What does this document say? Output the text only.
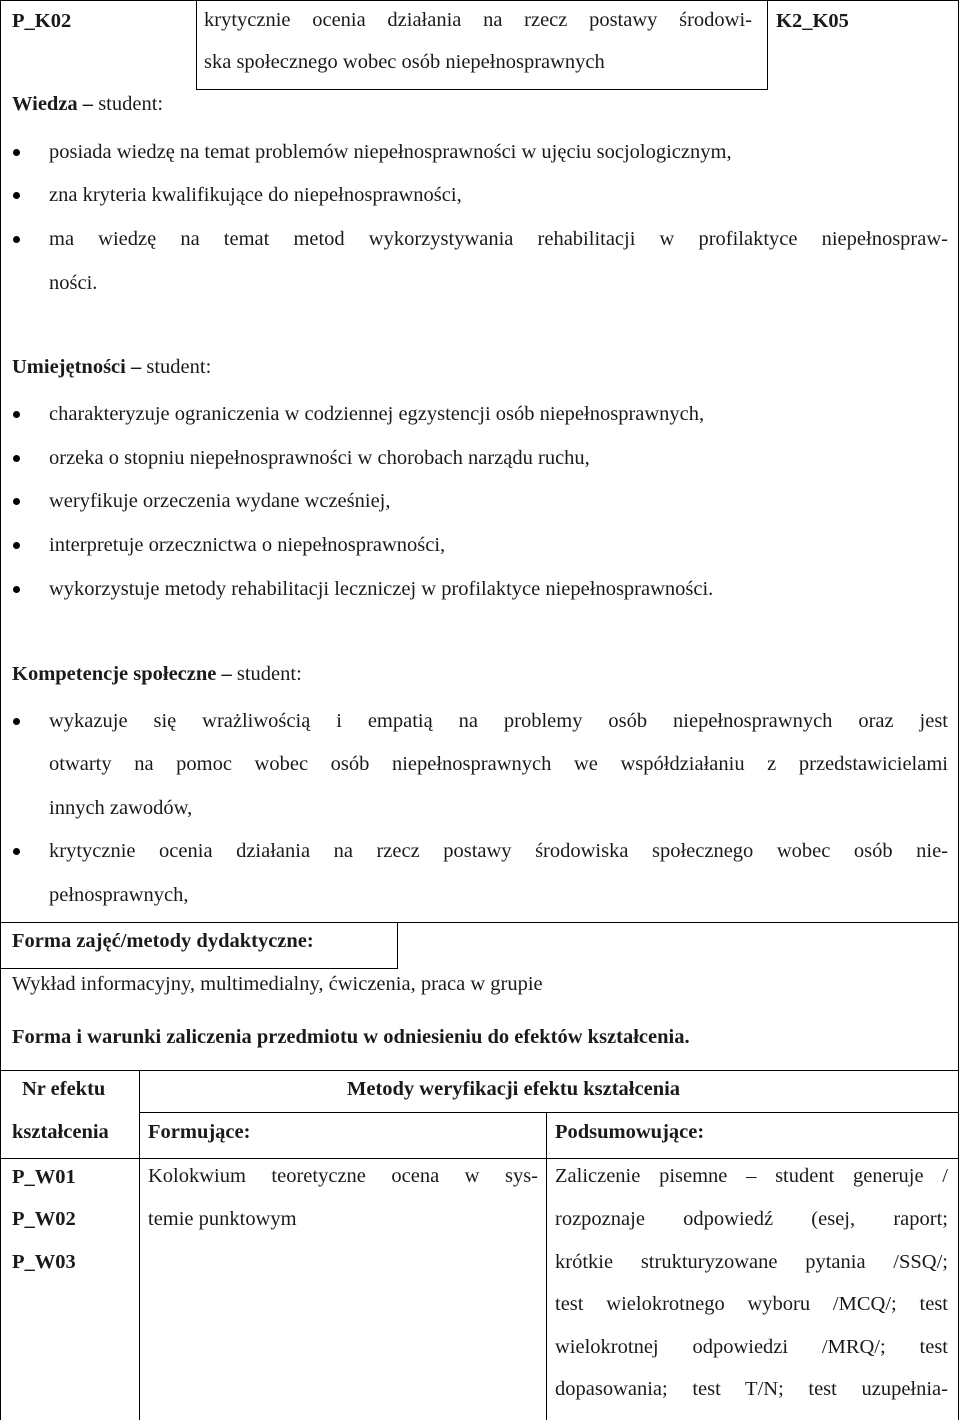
P_K02	krytycznie ocenia działania na rzecz postawy środowi-
ska społecznego wobec osób niepełnosprawnych
K2_K05
Wiedza – student:
posiada wiedzę na temat problemów niepełnosprawności w ujęciu socjologicznym,
zna kryteria kwalifikujące do niepełnosprawności,
ma wiedzę na temat metod wykorzystywania rehabilitacji w profilaktyce niepełnospraw-
ności.
Umiejętności – student:
charakteryzuje ograniczenia w codziennej egzystencji osób niepełnosprawnych,
orzeka o stopniu niepełnosprawności w chorobach narządu ruchu,
weryfikuje orzeczenia wydane wcześniej,
interpretuje orzecznictwa o niepełnosprawności,
wykorzystuje metody rehabilitacji leczniczej w profilaktyce niepełnosprawności.
Kompetencje społeczne – student:
wykazuje się wrażliwością i empatią na problemy osób niepełnosprawnych oraz jest
otwarty na pomoc wobec osób niepełnosprawnych we współdziałaniu z przedstawicielami
innych zawodów,
krytycznie ocenia działania na rzecz postawy środowiska społecznego wobec osób nie-
pełnosprawnych,
Forma zajęć/metody dydaktyczne:
Wykład informacyjny, multimedialny, ćwiczenia, praca w grupie
Forma i warunki zaliczenia przedmiotu w odniesieniu do efektów kształcenia.
Nr efektu
kształcenia
Metody weryfikacji efektu kształcenia
Formujące:	Podsumowujące:
P_W01
P_W02
P_W03
Kolokwium teoretyczne ocena w sys-
temie punktowym
Zaliczenie pisemne – student generuje /
rozpoznaje odpowiedź (esej, raport;
krótkie strukturyzowane pytania /SSQ/;
test wielokrotnego wyboru /MCQ/; test
wielokrotnej odpowiedzi /MRQ/; test
dopasowania; test T/N; test uzupełnia-
